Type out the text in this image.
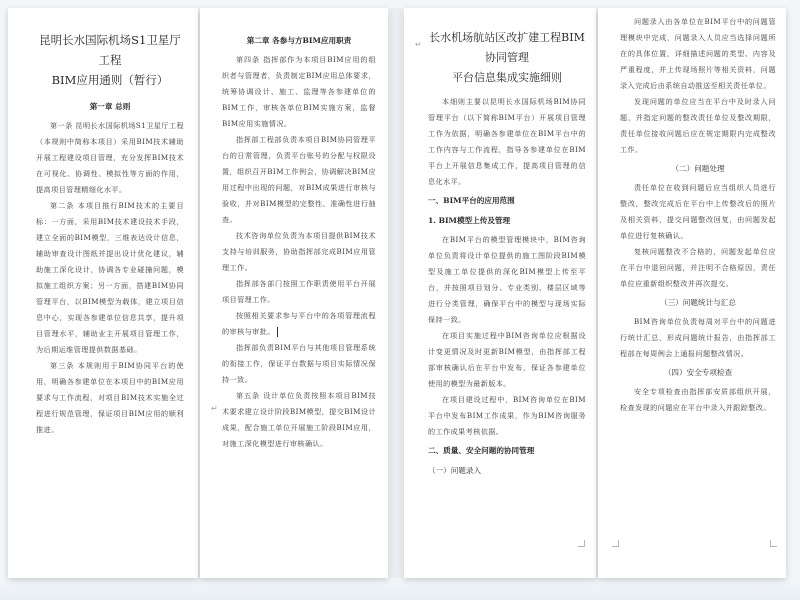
昆明长水国际机场S1卫星厅工程

BIM应用通则（暂行）

第一章 总则

第一条 昆明长水国际机场S1卫星厅工程（本规则中简称本项目）采用BIM技术辅助开展工程建设项目管理，充分发挥BIM技术在可视化、协调性、模拟性等方面的作用，提高项目管理精细化水平。

第二条 本项目推行BIM技术的主要目标：一方面，采用BIM技术建设技术手段，建立全面的BIM模型，三维表达设计信息，辅助审查设计图纸并提出设计优化建议，辅助施工深化设计，协调各专业碰撞问题，模拟施工组织方案；另一方面，搭建BIM协同管理平台，以BIM模型为载体，建立项目信息中心，实现各参建单位信息共享，提升项目管理水平，辅助业主开展项目管理工作，为后期运维管理提供数据基础。

第三条 本规则用于BIM协同平台的使用，明确各参建单位在本项目中的BIM应用要求与工作流程，对项目BIM技术实施全过程进行规范管理，保证项目BIM应用的顺利推进。

第二章 各参与方BIM应用职责

第四条 指挥部作为本项目BIM应用的组织者与管理者，负责制定BIM应用总体要求，统筹协调设计、施工、监理等各参建单位的BIM工作，审核各单位BIM实施方案，监督BIM应用实施情况。

指挥部工程部负责本项目BIM协同管理平台的日常管理，负责平台账号的分配与权限设置，组织召开BIM工作例会，协调解决BIM应用过程中出现的问题，对BIM成果进行审核与验收，并对BIM模型的完整性、准确性进行抽查。

技术咨询单位负责为本项目提供BIM技术支持与培训服务，协助指挥部完成BIM应用管理工作。

指挥部各部门按照工作职责使用平台开展项目管理工作。

按照相关要求参与平台中的各项管理流程的审核与审批。

指挥部负责BIM平台与其他项目管理系统的衔接工作，保证平台数据与项目实际情况保持一致。

第五条 设计单位负责按照本项目BIM技术要求建立设计阶段BIM模型，提交BIM设计成果，配合施工单位开展施工阶段BIM应用，对施工深化模型进行审核确认。

↵

长水机场航站区改扩建工程BIM协同管理

平台信息集成实施细则

本细则主要以昆明长水国际机场BIM协同管理平台（以下简称BIM平台）开展项目管理工作为依据，明确各参建单位在BIM平台中的工作内容与工作流程，指导各参建单位在BIM平台上开展信息集成工作，提高项目管理的信息化水平。

一、BIM平台的应用范围

1. BIM模型上传及管理

在BIM平台的模型管理模块中，BIM咨询单位负责将设计单位提供的施工图阶段BIM模型及施工单位提供的深化BIM模型上传至平台，并按照项目划分、专业类别、楼层区域等进行分类管理，确保平台中的模型与现场实际保持一致。

在项目实施过程中BIM咨询单位应根据设计变更情况及时更新BIM模型，由指挥部工程部审核确认后在平台中发布，保证各参建单位使用的模型为最新版本。

在项目建设过程中，BIM咨询单位在BIM平台中发布BIM工作成果，作为BIM咨询服务的工作成果考核依据。

二、质量、安全问题的协同管理

（一）问题录入

↵

问题录入由各单位在BIM平台中的问题管理模块中完成，问题录入人员应当选择问题所在的具体位置，详细描述问题的类型、内容及严重程度，并上传现场照片等相关资料，问题录入完成后由系统自动推送至相关责任单位。

发现问题的单位应当在平台中及时录入问题，并指定问题的整改责任单位及整改期限，责任单位接收问题后应在规定期限内完成整改工作。

（二）问题处理

责任单位在收到问题后应当组织人员进行整改，整改完成后在平台中上传整改后的照片及相关资料，提交问题整改回复，由问题发起单位进行复核确认。

复核问题整改不合格的，问题发起单位应在平台中退回问题，并注明不合格原因，责任单位应重新组织整改并再次提交。

（三）问题统计与汇总

BIM咨询单位负责每周对平台中的问题进行统计汇总，形成问题统计报告，由指挥部工程部在每周例会上通报问题整改情况。

（四）安全专项检查

安全专项检查由指挥部安质部组织开展，检查发现的问题应在平台中录入并跟踪整改。
